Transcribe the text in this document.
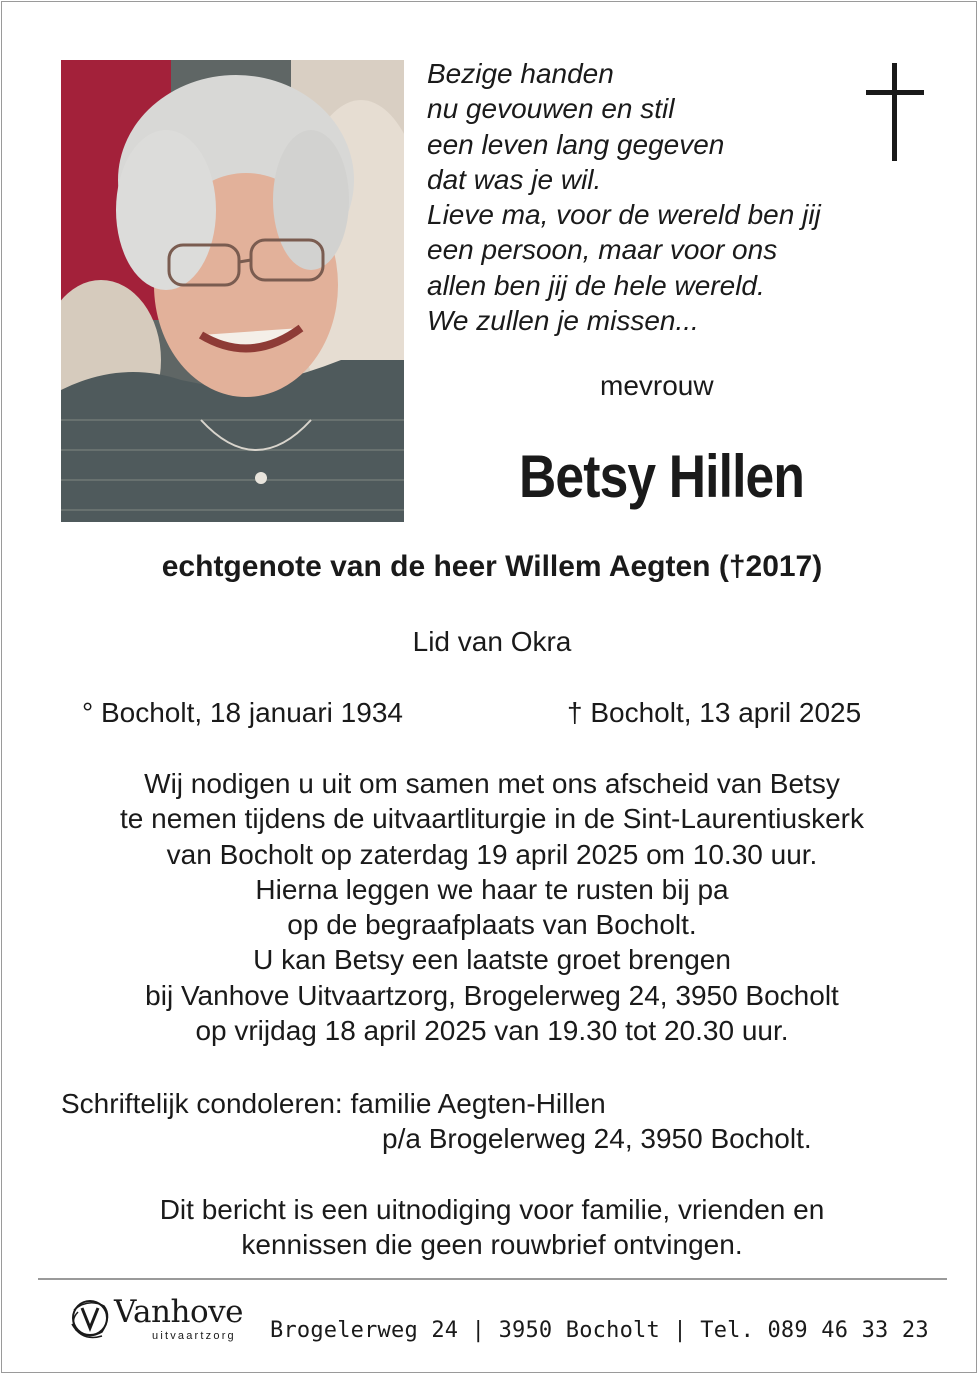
Bezige handen
nu gevouwen en stil
een leven lang gegeven
dat was je wil.
Lieve ma, voor de wereld ben jij
een persoon, maar voor ons
allen ben jij de hele wereld.
We zullen je missen...
mevrouw
Betsy Hillen
echtgenote van de heer Willem Aegten (†2017)
Lid van Okra
° Bocholt, 18 januari 1934	† Bocholt, 13 april 2025
Wij nodigen u uit om samen met ons afscheid van Betsy
te nemen tijdens de uitvaartliturgie in de Sint-Laurentiuskerk
van Bocholt op zaterdag 19 april 2025 om 10.30 uur.
Hierna leggen we haar te rusten bij pa
op de begraafplaats van Bocholt.
U kan Betsy een laatste groet brengen
bij Vanhove Uitvaartzorg, Brogelerweg 24, 3950 Bocholt
op vrijdag 18 april 2025 van 19.30 tot 20.30 uur.
Schriftelijk condoleren: familie Aegten-Hillen
p/a Brogelerweg 24, 3950 Bocholt.
Dit bericht is een uitnodiging voor familie, vrienden en
kennissen die geen rouwbrief ontvingen.
Vanhove
uitvaartzorg Brogelerweg 24 | 3950 Bocholt | Tel. 089 46 33 23
